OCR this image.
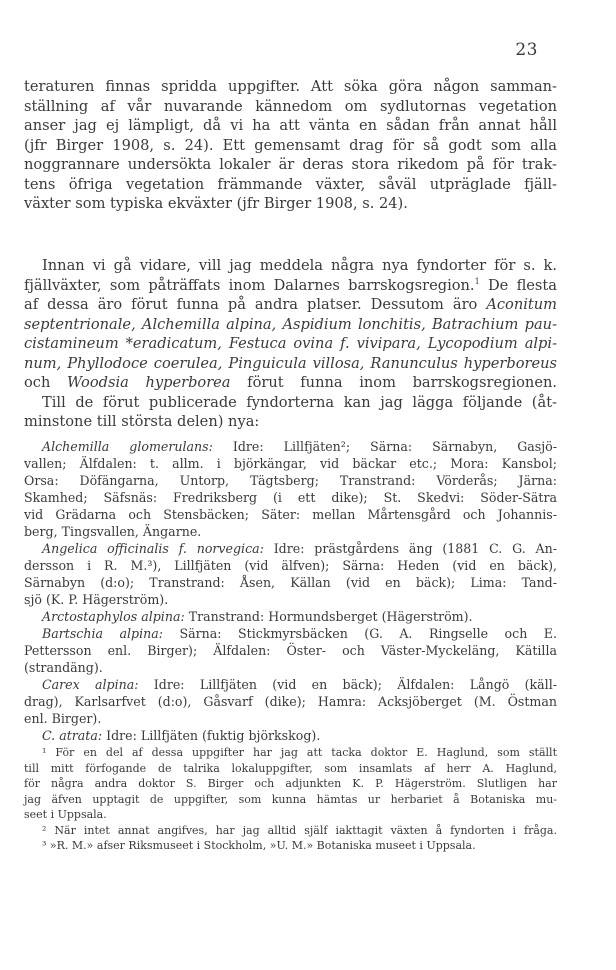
23
teraturen finnas spridda uppgifter. Att söka göra någon samman-
ställning af vår nuvarande kännedom om sydlutornas vegetation
anser jag ej lämpligt, då vi ha att vänta en sådan från annat håll
(jfr Birger 1908, s. 24). Ett gemensamt drag för så godt som alla
noggrannare undersökta lokaler är deras stora rikedom på för trak-
tens öfriga vegetation främmande växter, såväl utpräglade fjäll-
växter som typiska ekväxter (jfr Birger 1908, s. 24).
Innan vi gå vidare, vill jag meddela några nya fyndorter för s. k.
fjällväxter, som påträffats inom Dalarnes barrskogsregion.$^1$ De flesta
af dessa äro förut funna på andra platser. Dessutom äro Aconitum
septentrionale, Alchemilla alpina, Aspidium lonchitis, Batrachium pau-
cistamineum *eradicatum, Festuca ovina f. vivipara, Lycopodium alpi-
num, Phyllodoce coerulea, Pinguicula villosa, Ranunculus hyperboreus
och Woodsia hyperborea förut funna inom barrskogsregionen.
Till de förut publicerade fyndorterna kan jag lägga följande (åt-
minstone till största delen) nya:
Alchemilla glomerulans: Idre: Lillfjäten²; Särna: Särnabyn, Gasjö-
vallen; Älfdalen: t. allm. i björkängar, vid bäckar etc.; Mora: Kansbol;
Orsa: Döfängarna, Untorp, Tägtsberg; Transtrand: Vörderås; Järna:
Skamhed; Säfsnäs: Fredriksberg (i ett dike); St. Skedvi: Söder-Sätra
vid Grädarna och Stensbäcken; Säter: mellan Mårtensgård och Johannis-
berg, Tingsvallen, Ängarne.
Angelica officinalis f. norvegica: Idre: prästgårdens äng (1881 C. G. An-
dersson i R. M.³), Lillfjäten (vid älfven); Särna: Heden (vid en bäck),
Särnabyn (d:o); Transtrand: Åsen, Källan (vid en bäck); Lima: Tand-
sjö (K. P. Hägerström).
Arctostaphylos alpina: Transtrand: Hormundsberget (Hägerström).
Bartschia alpina: Särna: Stickmyrsbäcken (G. A. Ringselle och E.
Pettersson enl. Birger); Älfdalen: Öster- och Väster-Myckeläng, Kätilla
(strandäng).
Carex alpina: Idre: Lillfjäten (vid en bäck); Älfdalen: Långö (käll-
drag), Karlsarfvet (d:o), Gåsvarf (dike); Hamra: Acksjöberget (M. Östman
enl. Birger).
C. atrata: Idre: Lillfjäten (fuktig björkskog).
¹ För en del af dessa uppgifter har jag att tacka doktor E. Haglund, som ställt
till mitt förfogande de talrika lokaluppgifter, som insamlats af herr A. Haglund,
för några andra doktor S. Birger och adjunkten K. P. Hägerström. Slutligen har
jag äfven upptagit de uppgifter, som kunna hämtas ur herbariet å Botaniska mu-
seet i Uppsala.
² När intet annat angifves, har jag alltid själf iakttagit växten å fyndorten i fråga.
³ »R. M.» afser Riksmuseet i Stockholm, »U. M.» Botaniska museet i Uppsala.
